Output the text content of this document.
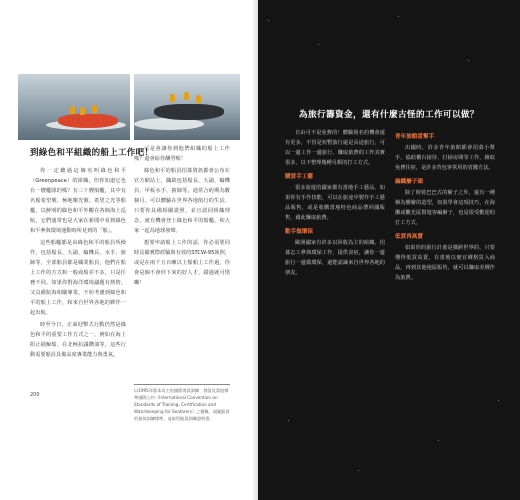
到綠色和平組織的船上工作吧！

你一定聽過這個名叫綠色和平（Greenpeace）的組織。但你知道它也有一艘艦隊的嗎？有三十艘船艦，其中有名船希望號、極地曙光號、希望之光等船艦，以鮮明的綠色和平外觀在各個海上巡航，它們通常也是大家在新聞中看到綠色和平參與環境運動時所見到的「船」。

這些船艦都是由綠色和平的船員所操作，包括船長、大副、輪機長、水手、廚師等，全部船員都是職業船員，他們在船上工作的方式和一般商船差不多，只是任務不同。如果你對海洋環境議題有熱情，又具備航海相關專業，不妨考慮到綠色和平的船上工作，和來自世界各地的夥伴一起出航。

時至今日，正面迎擊式行動仍然是綠色和平的重要工作方式之一，例如在海上阻止捕鯨船、在北極抗議鑽油等，這些行動需要船員具備高度專業能力與勇氣。

可是會讓你到他們組織的船上工作嗎？還會給你酬勞喔！

綠色和平的船員招募資訊都會公布在官方網站上，職缺包括船長、大副、輪機員、甲板水手、廚師等，通常合約期為數個月，可以體驗在世界各地航行的生活。只要你具備相關證照，並且認同組織理念，就有機會登上綠色和平的船艦，和大家一起為地球發聲。

想要申請船上工作的話，你必須要同時具備實際經驗與有效的STCW-95執照，或是在兩千五百噸以上船舶上工作過，你會是個不會停下來的好人才，錯過就可惜囉！

以1995年版本為主的國際海員訓練、發證及當值標準國際公約（International Convention on Standards of Training, Certification and Watchkeeping for Seafarers）之簡稱，規範船員的最低訓練標準，並取得船員訓練證明書。
200
為旅行籌資金，還有什麼古怪的工作可以做？

自由可不是免費的！體驗報名的機會還有更多，不管是短暫旅行還是長途旅行，可以一邊工作一邊旅行，賺取旅費的工作其實很多，以下整理幾種另類的打工方式。

購買手工藝

很多旅遊的國家都有當地手工藝品，如果你有手作技能，可以在旅途中製作手工藝品販售，或是收購當地特色商品帶回國販售，藉此賺取旅費。

動手做環保

歐洲國家有許多以回收為主的組織，招募志工參與環保工作，提供食宿，讓你一邊旅行一邊做環保，還能認識來自世界各地的朋友。

青年旅館當幫手

出國時，許多青年旅館都會招募小幫手，協助櫃台接待、打掃房間等工作，換取免費住宿，是許多背包客常用的省錢方法。

編織辮子頭

除了時裝巴巴式的辮子之外，還有一種稱為髒辮的造型，如果學會這項技巧，在海灘或觀光區幫遊客編辮子，也是很受歡迎的打工方式。

低買再高賣

如果你的旅行計畫是橫跨世界的，只要懂得低買高賣，在當地以便宜價格買入商品，再到其他地區販售，就可以賺取差價作為旅費。
